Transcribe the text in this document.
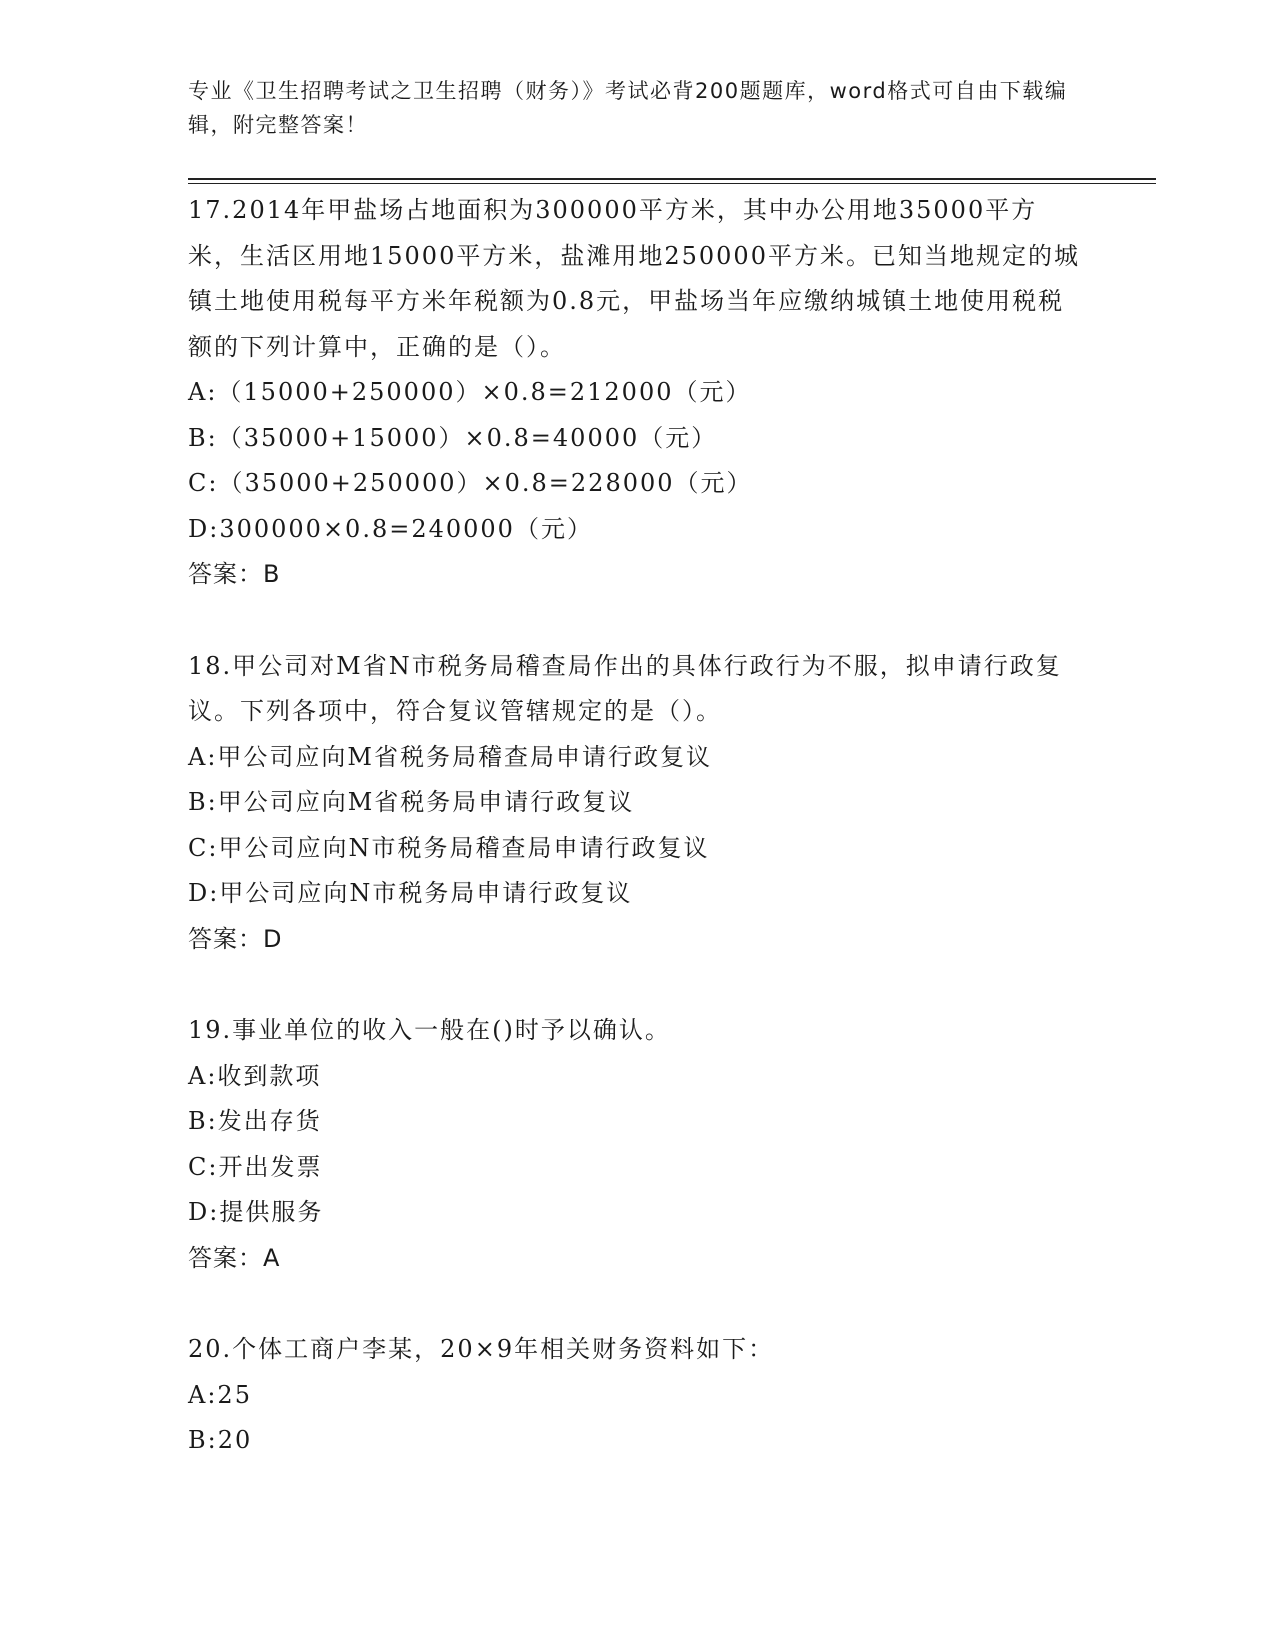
专业《卫生招聘考试之卫生招聘（财务）》考试必背200题题库，word格式可自由下载编辑，附完整答案！

17.2014年甲盐场占地面积为300000平方米，其中办公用地35000平方米，生活区用地15000平方米，盐滩用地250000平方米。已知当地规定的城镇土地使用税每平方米年税额为0.8元，甲盐场当年应缴纳城镇土地使用税税额的下列计算中，正确的是（）。

A:（15000+250000）×0.8=212000（元）

B:（35000+15000）×0.8=40000（元）

C:（35000+250000）×0.8=228000（元）

D:300000×0.8=240000（元）

答案：B

18.甲公司对M省N市税务局稽查局作出的具体行政行为不服，拟申请行政复议。下列各项中，符合复议管辖规定的是（）。

A:甲公司应向M省税务局稽查局申请行政复议

B:甲公司应向M省税务局申请行政复议

C:甲公司应向N市税务局稽查局申请行政复议

D:甲公司应向N市税务局申请行政复议

答案：D

19.事业单位的收入一般在()时予以确认。

A:收到款项

B:发出存货

C:开出发票

D:提供服务

答案：A

20.个体工商户李某，20×9年相关财务资料如下：

A:25

B:20
